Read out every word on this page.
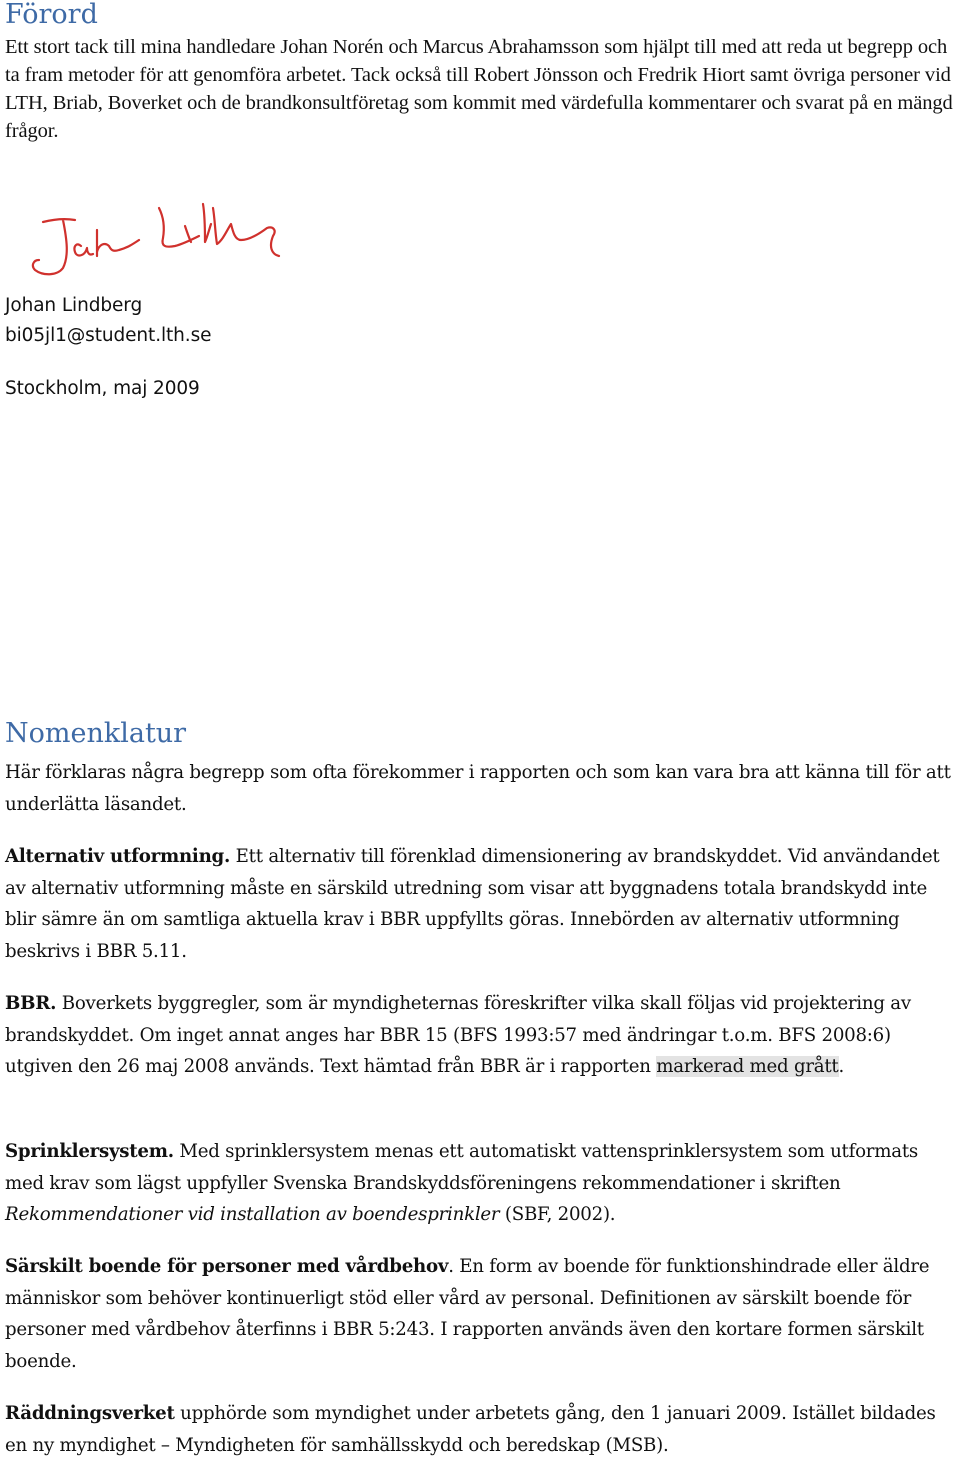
Förord

Ett stort tack till mina handledare Johan Norén och Marcus Abrahamsson som hjälpt till med att reda ut begrepp och ta fram metoder för att genomföra arbetet. Tack också till Robert Jönsson och Fredrik Hiort samt övriga personer vid LTH, Briab, Boverket och de brandkonsultföretag som kommit med värdefulla kommentarer och svarat på en mängd frågor.

Johan Lindberg

bi05jl1@student.lth.se

Stockholm, maj 2009

Nomenklatur

Här förklaras några begrepp som ofta förekommer i rapporten och som kan vara bra att känna till för att underlätta läsandet.

Alternativ utformning. Ett alternativ till förenklad dimensionering av brandskyddet. Vid användandet av alternativ utformning måste en särskild utredning som visar att byggnadens totala brandskydd inte blir sämre än om samtliga aktuella krav i BBR uppfyllts göras. Innebörden av alternativ utformning beskrivs i BBR 5.11.

BBR. Boverkets byggregler, som är myndigheternas föreskrifter vilka skall följas vid projektering av brandskyddet. Om inget annat anges har BBR 15 (BFS 1993:57 med ändringar t.o.m. BFS 2008:6) utgiven den 26 maj 2008 används. Text hämtad från BBR är i rapporten markerad med grått.

Sprinklersystem. Med sprinklersystem menas ett automatiskt vattensprinklersystem som utformats med krav som lägst uppfyller Svenska Brandskyddsföreningens rekommendationer i skriften Rekommendationer vid installation av boendesprinkler (SBF, 2002).

Särskilt boende för personer med vårdbehov. En form av boende för funktionshindrade eller äldre människor som behöver kontinuerligt stöd eller vård av personal. Definitionen av särskilt boende för personer med vårdbehov återfinns i BBR 5:243. I rapporten används även den kortare formen särskilt boende.

Räddningsverket upphörde som myndighet under arbetets gång, den 1 januari 2009. Istället bildades en ny myndighet – Myndigheten för samhällsskydd och beredskap (MSB).
